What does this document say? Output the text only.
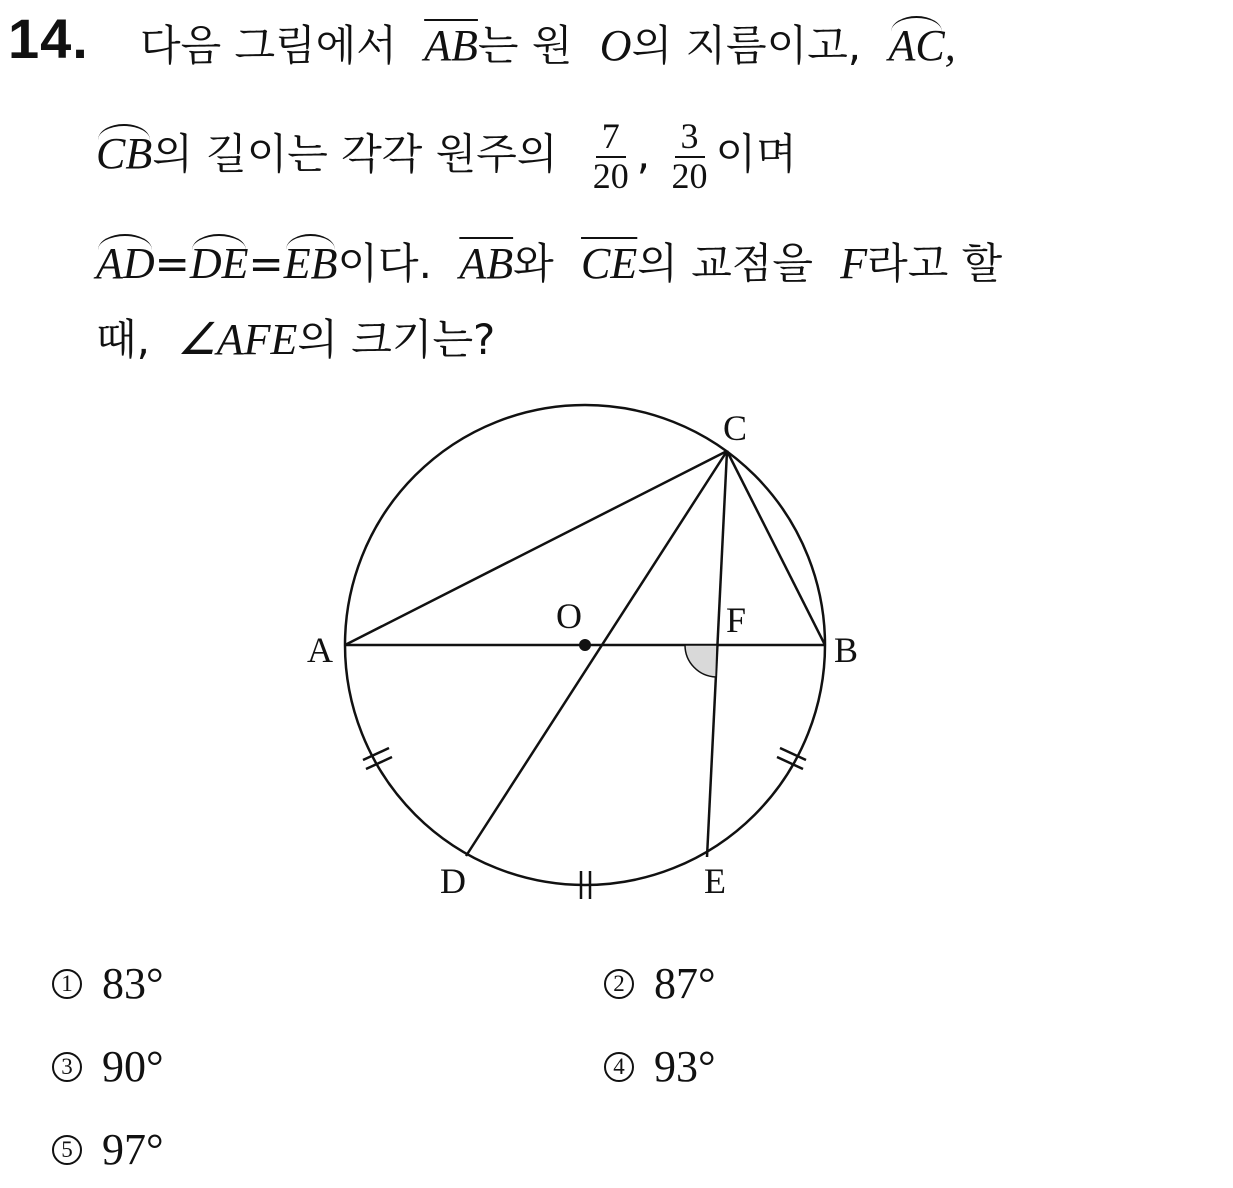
14. 다음 그림에서 $\overline{AB}$는 원 O의 지름이고, AC,
CB의 길이는 각각 원주의 $\frac{7}{20}$ , $\frac{3}{20}$ 이며
AD=DE=EB이다. $\overline{AB}$와 $\overline{CE}$의 교점을 F라고 할
때, ∠AFE의 크기는?
A	B
C
D	E
F
O
1 83°	2 87°
3 90°	4 93°
5 97°
